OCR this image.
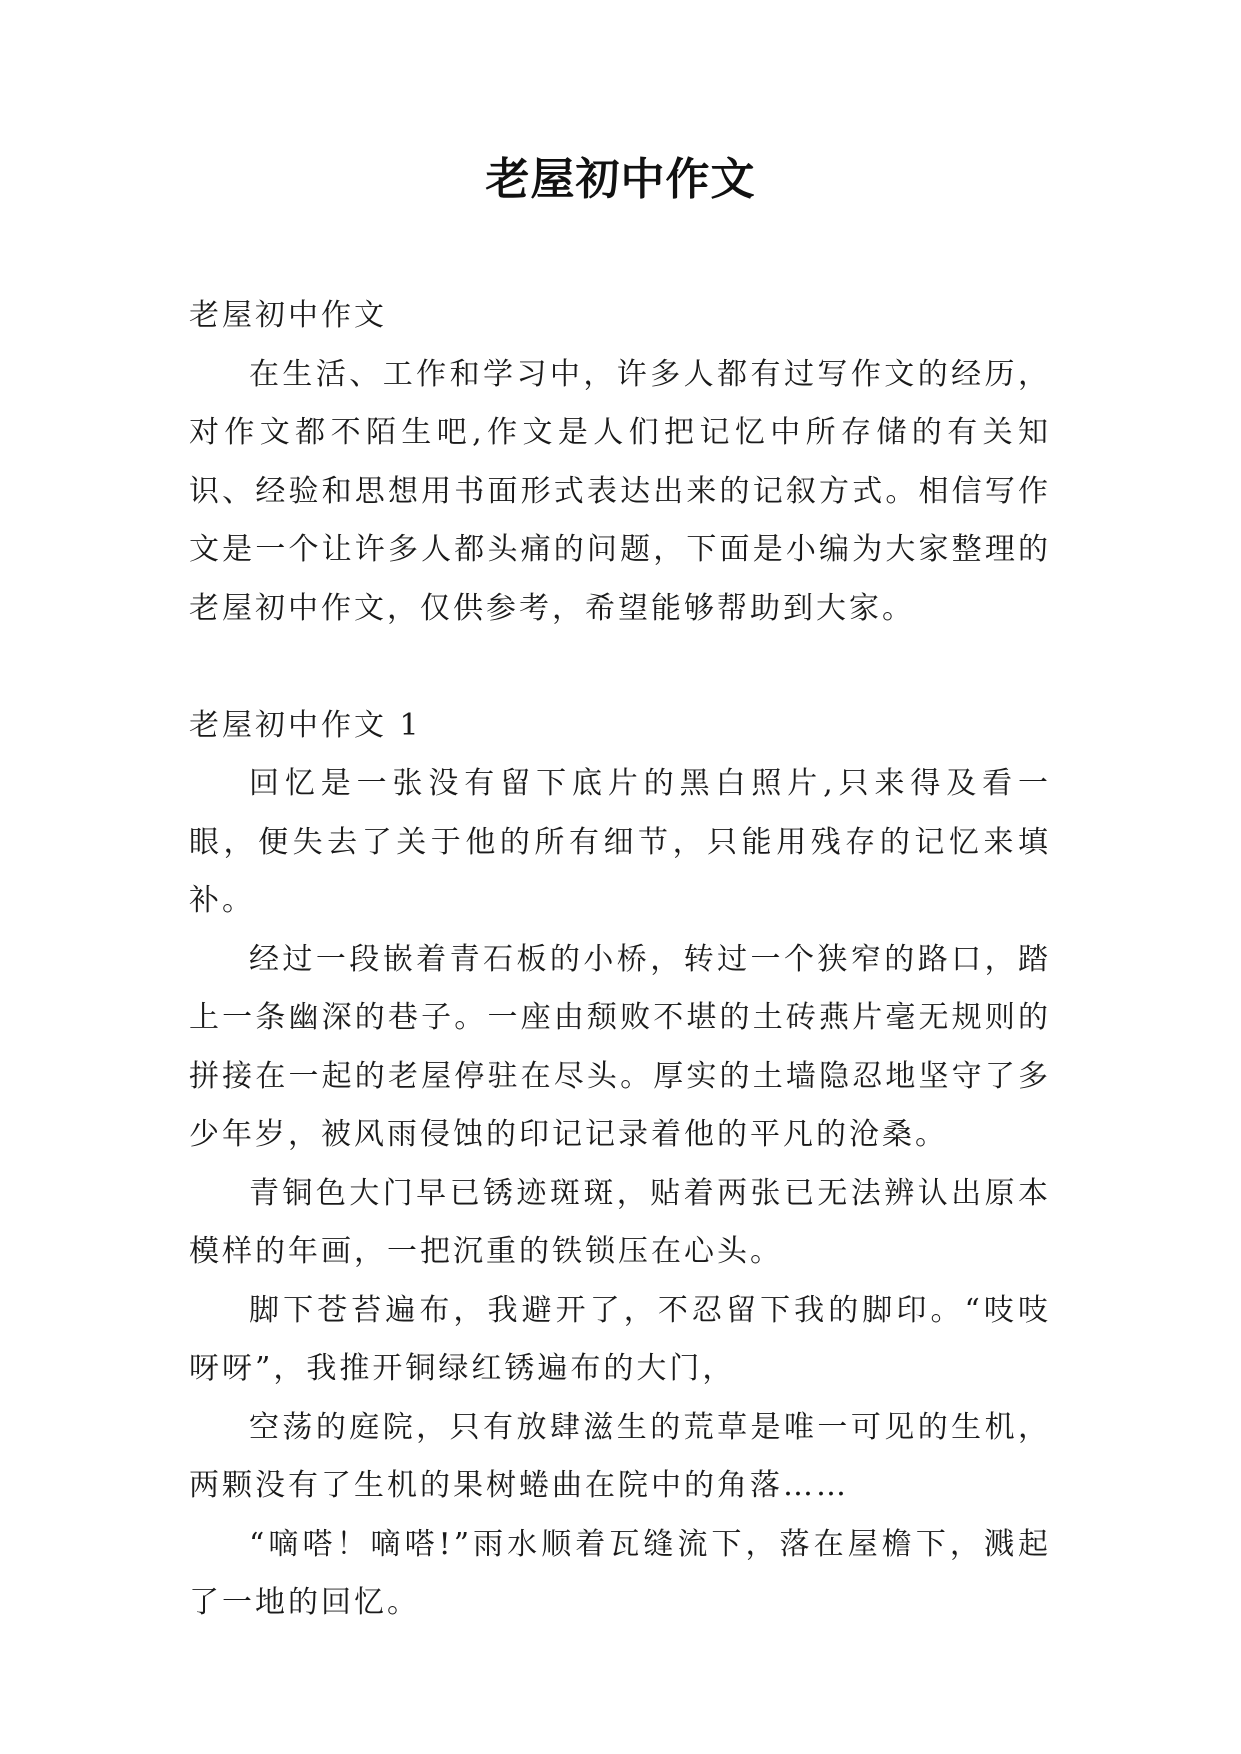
老屋初中作文

老屋初中作文

在生活、工作和学习中，许多人都有过写作文的经历，对作文都不陌生吧,作文是人们把记忆中所存储的有关知识、经验和思想用书面形式表达出来的记叙方式。相信写作文是一个让许多人都头痛的问题，下面是小编为大家整理的老屋初中作文，仅供参考，希望能够帮助到大家。

老屋初中作文 1

回忆是一张没有留下底片的黑白照片,只来得及看一眼，便失去了关于他的所有细节，只能用残存的记忆来填补。

经过一段嵌着青石板的小桥，转过一个狭窄的路口，踏上一条幽深的巷子。一座由颓败不堪的土砖燕片毫无规则的拼接在一起的老屋停驻在尽头。厚实的土墙隐忍地坚守了多少年岁，被风雨侵蚀的印记记录着他的平凡的沧桑。

青铜色大门早已锈迹斑斑，贴着两张已无法辨认出原本模样的年画，一把沉重的铁锁压在心头。

脚下苍苔遍布，我避开了，不忍留下我的脚印。“吱吱呀呀”，我推开铜绿红锈遍布的大门，

空荡的庭院，只有放肆滋生的荒草是唯一可见的生机，两颗没有了生机的果树蜷曲在院中的角落……

“嘀嗒！嘀嗒!”雨水顺着瓦缝流下，落在屋檐下，溅起了一地的回忆。
